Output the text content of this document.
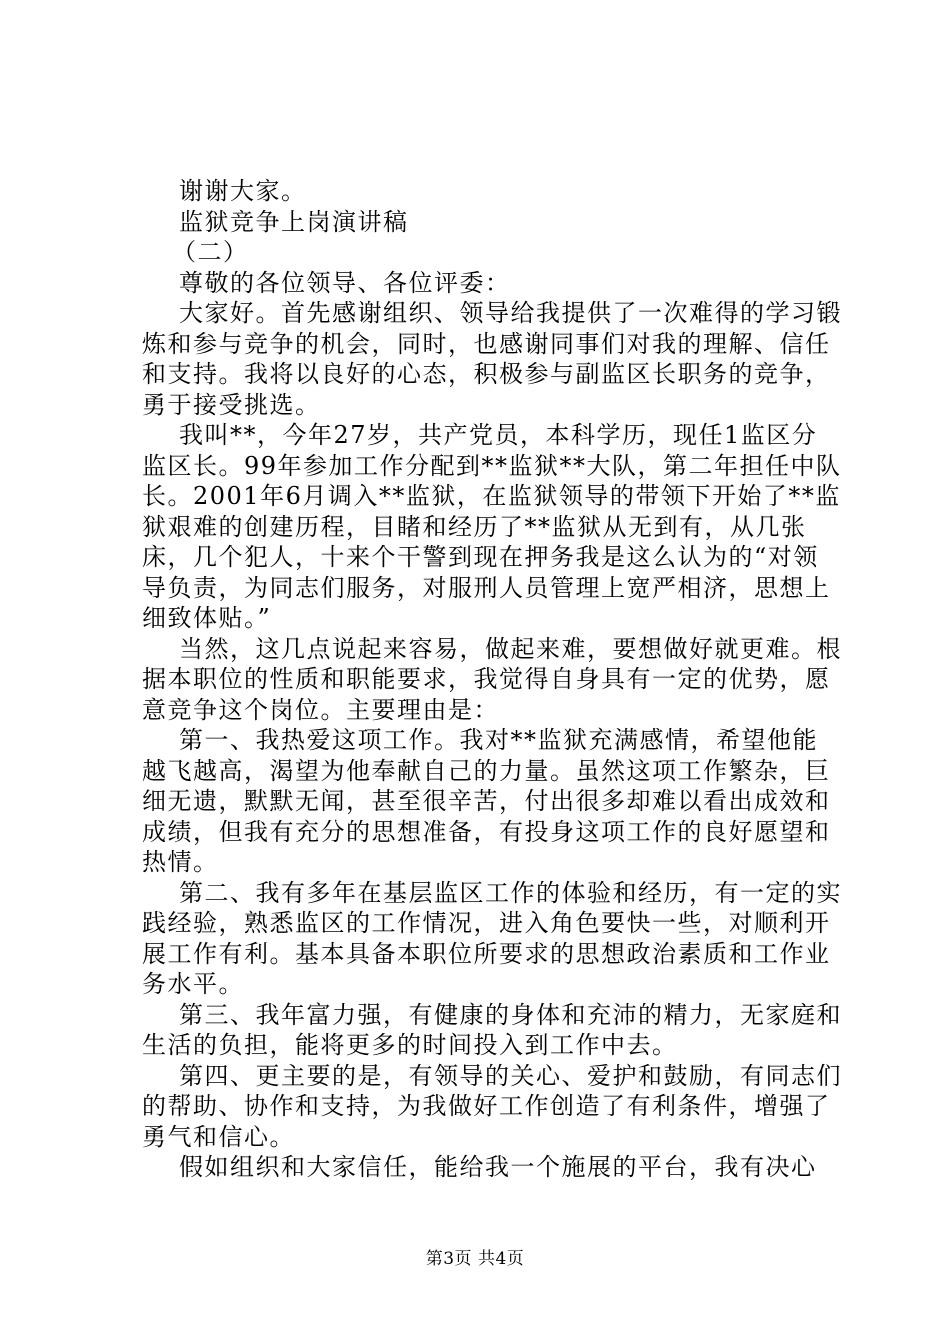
谢谢大家。

监狱竞争上岗演讲稿

（二）

尊敬的各位领导、各位评委：

大家好。首先感谢组织、领导给我提供了一次难得的学习锻炼和参与竞争的机会，同时，也感谢同事们对我的理解、信任和支持。我将以良好的心态，积极参与副监区长职务的竞争，勇于接受挑选。

我叫**，今年27岁，共产党员，本科学历，现任1监区分监区长。99年参加工作分配到**监狱**大队，第二年担任中队长。2001年6月调入**监狱，在监狱领导的带领下开始了**监狱艰难的创建历程，目睹和经历了**监狱从无到有，从几张床，几个犯人，十来个干警到现在押务我是这么认为的“对领导负责，为同志们服务，对服刑人员管理上宽严相济，思想上细致体贴。”

当然，这几点说起来容易，做起来难，要想做好就更难。根据本职位的性质和职能要求，我觉得自身具有一定的优势，愿意竞争这个岗位。主要理由是：

第一、我热爱这项工作。我对**监狱充满感情，希望他能越飞越高，渴望为他奉献自己的力量。虽然这项工作繁杂，巨细无遗，默默无闻，甚至很辛苦，付出很多却难以看出成效和成绩，但我有充分的思想准备，有投身这项工作的良好愿望和热情。

第二、我有多年在基层监区工作的体验和经历，有一定的实践经验，熟悉监区的工作情况，进入角色要快一些，对顺利开展工作有利。基本具备本职位所要求的思想政治素质和工作业务水平。

第三、我年富力强，有健康的身体和充沛的精力，无家庭和生活的负担，能将更多的时间投入到工作中去。

第四、更主要的是，有领导的关心、爱护和鼓励，有同志们的帮助、协作和支持，为我做好工作创造了有利条件，增强了勇气和信心。

假如组织和大家信任，能给我一个施展的平台，我有决心

第3页 共4页
